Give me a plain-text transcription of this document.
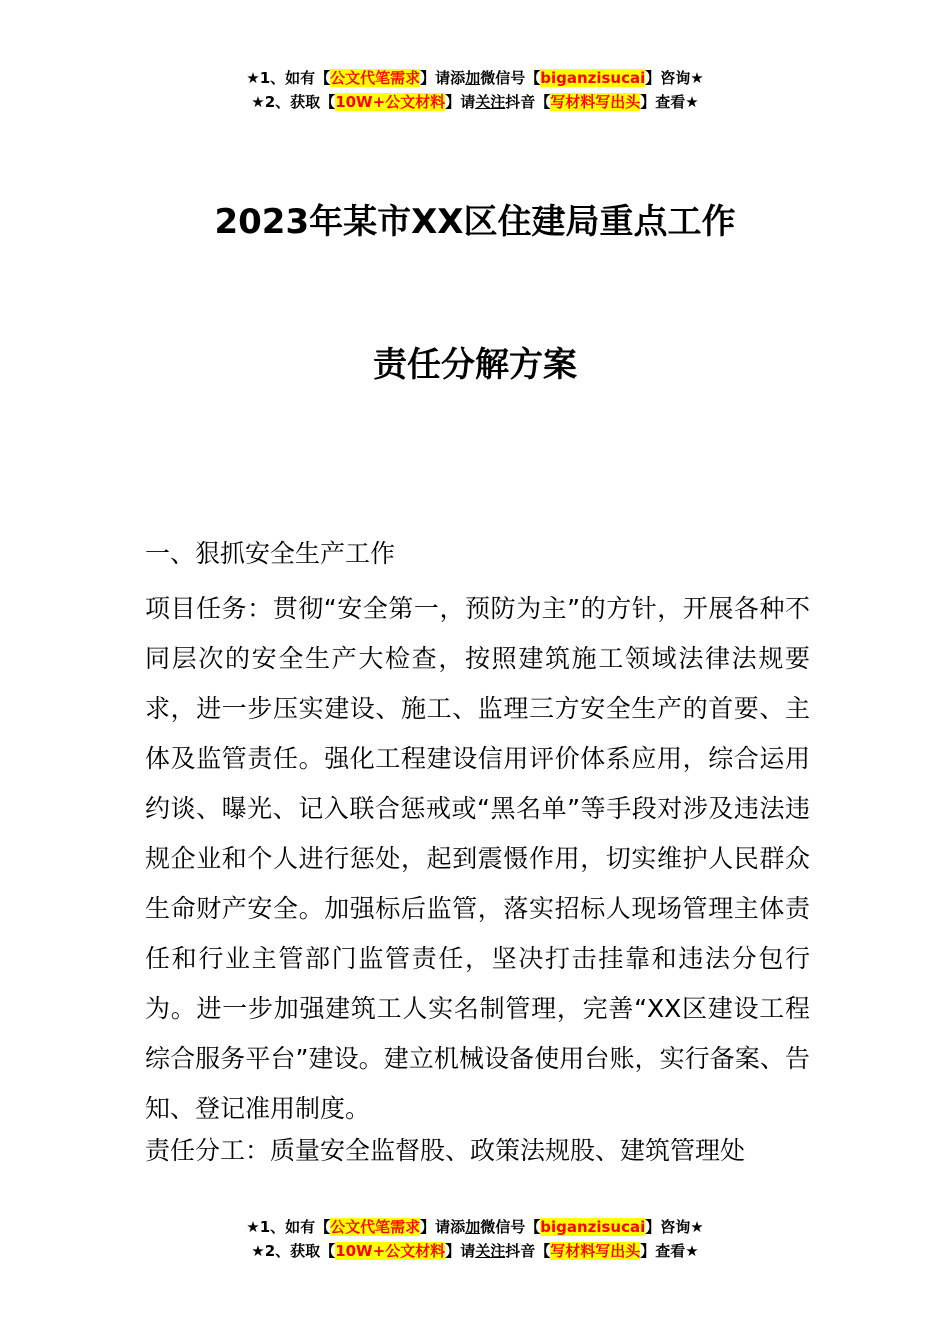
★1、如有【公文代笔需求】请添加微信号【biganzisucai】咨询★
★2、获取【10W+公文材料】请关注抖音【写材料写出头】查看★
2023年某市XX区住建局重点工作
责任分解方案
一、狠抓安全生产工作
项目任务：贯彻“安全第一，预防为主”的方针，开展各种不同层次的安全生产大检查，按照建筑施工领域法律法规要求，进一步压实建设、施工、监理三方安全生产的首要、主体及监管责任。强化工程建设信用评价体系应用，综合运用约谈、曝光、记入联合惩戒或“黑名单”等手段对涉及违法违规企业和个人进行惩处，起到震慑作用，切实维护人民群众生命财产安全。加强标后监管，落实招标人现场管理主体责任和行业主管部门监管责任，坚决打击挂靠和违法分包行为。进一步加强建筑工人实名制管理，完善“XX区建设工程综合服务平台”建设。建立机械设备使用台账，实行备案、告知、登记准用制度。
责任分工：质量安全监督股、政策法规股、建筑管理处
★1、如有【公文代笔需求】请添加微信号【biganzisucai】咨询★
★2、获取【10W+公文材料】请关注抖音【写材料写出头】查看★
